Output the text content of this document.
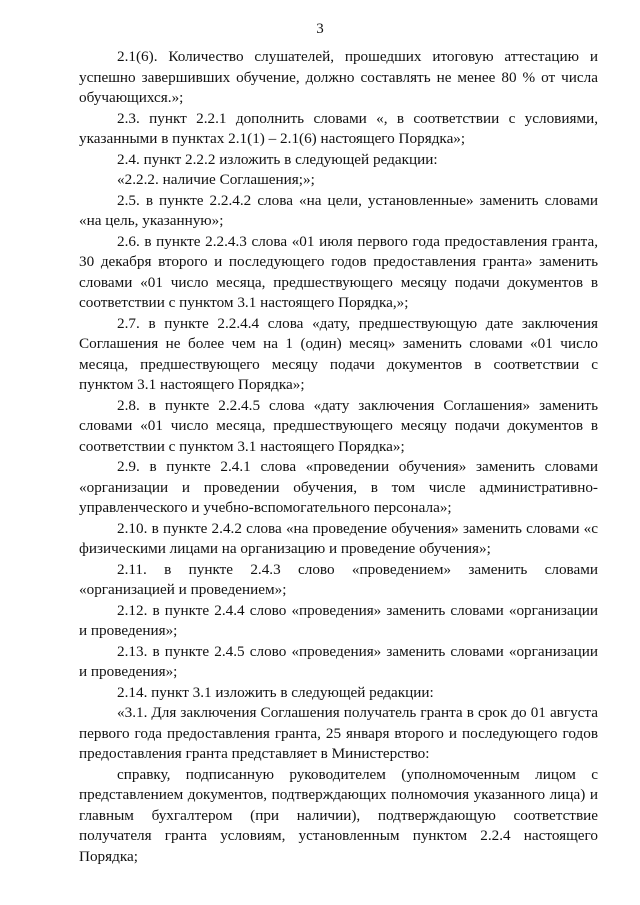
3

2.1(6). Количество слушателей, прошедших итоговую аттестацию и успешно завершивших обучение, должно составлять не менее 80 % от числа обучающихся.»;

2.3. пункт 2.2.1 дополнить словами «, в соответствии с условиями, указанными в пунктах 2.1(1) – 2.1(6) настоящего Порядка»;

2.4. пункт 2.2.2 изложить в следующей редакции:

«2.2.2. наличие Соглашения;»;

2.5. в пункте 2.2.4.2 слова «на цели, установленные» заменить словами «на цель, указанную»;

2.6. в пункте 2.2.4.3 слова «01 июля первого года предоставления гранта, 30 декабря второго и последующего годов предоставления гранта» заменить словами «01 число месяца, предшествующего месяцу подачи документов в соответствии с пунктом 3.1 настоящего Порядка,»;

2.7. в пункте 2.2.4.4 слова «дату, предшествующую дате заключения Соглашения не более чем на 1 (один) месяц» заменить словами «01 число месяца, предшествующего месяцу подачи документов в соответствии с пунктом 3.1 настоящего Порядка»;

2.8. в пункте 2.2.4.5 слова «дату заключения Соглашения» заменить словами «01 число месяца, предшествующего месяцу подачи документов в соответствии с пунктом 3.1 настоящего Порядка»;

2.9. в пункте 2.4.1 слова «проведении обучения» заменить словами «организации и проведении обучения, в том числе административно-управленческого и учебно-вспомогательного персонала»;

2.10. в пункте 2.4.2 слова «на проведение обучения» заменить словами «с физическими лицами на организацию и проведение обучения»;

2.11. в пункте 2.4.3 слово «проведением» заменить словами «организацией и проведением»;

2.12. в пункте 2.4.4 слово «проведения» заменить словами «организации и проведения»;

2.13. в пункте 2.4.5 слово «проведения» заменить словами «организации и проведения»;

2.14. пункт 3.1 изложить в следующей редакции:

«3.1. Для заключения Соглашения получатель гранта в срок до 01 августа первого года предоставления гранта, 25 января второго и последующего годов предоставления гранта представляет в Министерство:

справку, подписанную руководителем (уполномоченным лицом с представлением документов, подтверждающих полномочия указанного лица) и главным бухгалтером (при наличии), подтверждающую соответствие получателя гранта условиям, установленным пунктом 2.2.4 настоящего Порядка;
